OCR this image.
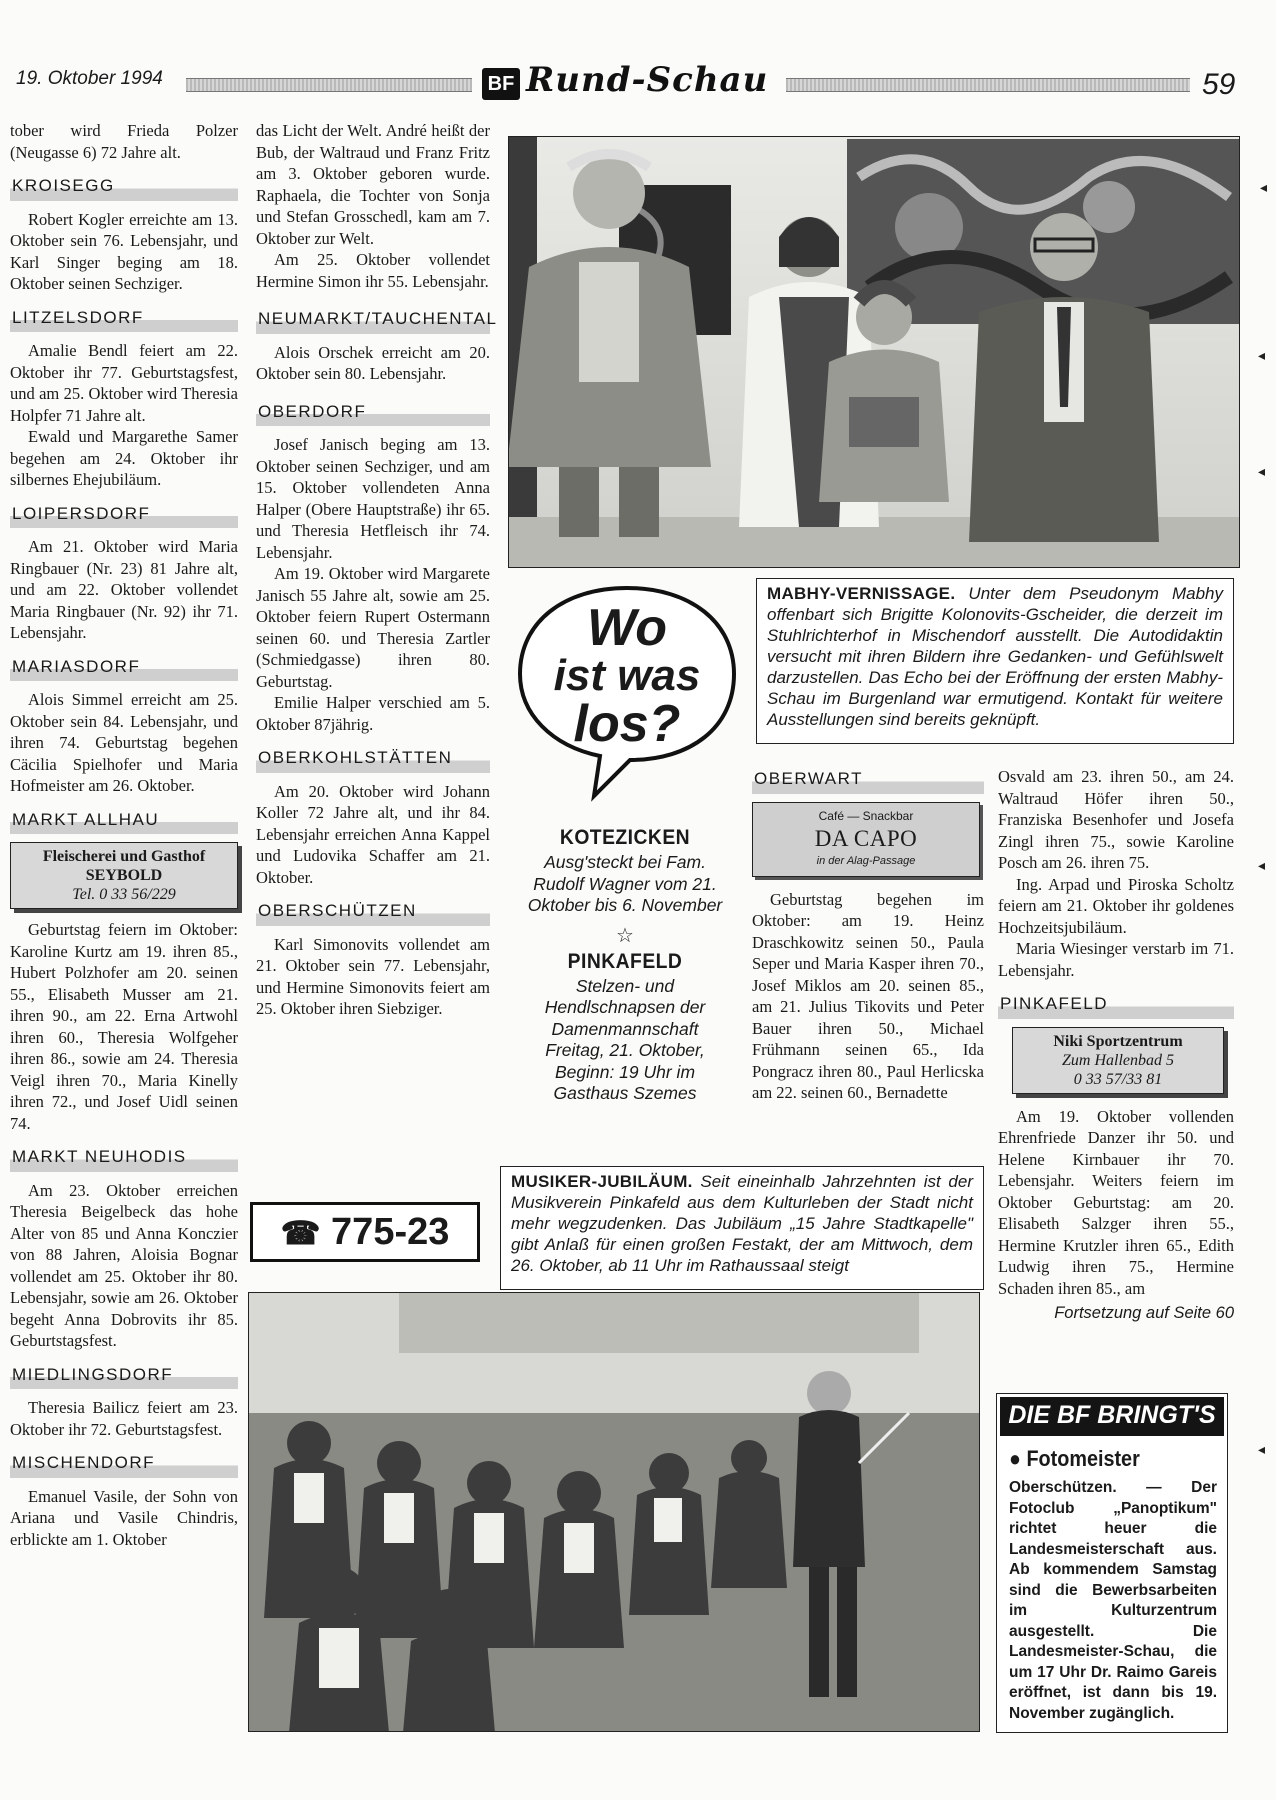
19. Oktober 1994	BF Rund-Schau	59

tober wird Frieda Polzer (Neugasse 6) 72 Jahre alt.

KROISEGG

Robert Kogler erreichte am 13. Oktober sein 76. Lebensjahr, und Karl Singer beging am 18. Oktober seinen Sechziger.

LITZELSDORF

Amalie Bendl feiert am 22. Oktober ihr 77. Geburtstagsfest, und am 25. Oktober wird Theresia Holpfer 71 Jahre alt.

Ewald und Margarethe Samer begehen am 24. Oktober ihr silbernes Ehejubiläum.

LOIPERSDORF

Am 21. Oktober wird Maria Ringbauer (Nr. 23) 81 Jahre alt, und am 22. Oktober vollendet Maria Ringbauer (Nr. 92) ihr 71. Lebensjahr.

MARIASDORF

Alois Simmel erreicht am 25. Oktober sein 84. Lebensjahr, und ihren 74. Geburtstag begehen Cäcilia Spielhofer und Maria Hofmeister am 26. Oktober.

MARKT ALLHAU
Fleischerei und Gasthof SEYBOLD
Tel. 0 33 56/229

Geburtstag feiern im Oktober: Karoline Kurtz am 19. ihren 85., Hubert Polzhofer am 20. seinen 55., Elisabeth Musser am 21. ihren 90., am 22. Erna Artwohl ihren 60., Theresia Wolfgeher ihren 86., sowie am 24. Theresia Veigl ihren 70., Maria Kinelly ihren 72., und Josef Uidl seinen 74.

MARKT NEUHODIS

Am 23. Oktober erreichen Theresia Beigelbeck das hohe Alter von 85 und Anna Konczier von 88 Jahren, Aloisia Bognar vollendet am 25. Oktober ihr 80. Lebensjahr, sowie am 26. Oktober begeht Anna Dobrovits ihr 85. Geburtstagsfest.

MIEDLINGSDORF

Theresia Bailicz feiert am 23. Oktober ihr 72. Geburtstagsfest.

MISCHENDORF

Emanuel Vasile, der Sohn von Ariana und Vasile Chindris, erblickte am 1. Oktober

das Licht der Welt. André heißt der Bub, der Waltraud und Franz Fritz am 3. Oktober geboren wurde. Raphaela, die Tochter von Sonja und Stefan Grosschedl, kam am 7. Oktober zur Welt.

Am 25. Oktober vollendet Hermine Simon ihr 55. Lebensjahr.

NEUMARKT/TAUCHENTAL

Alois Orschek erreicht am 20. Oktober sein 80. Lebensjahr.

OBERDORF

Josef Janisch beging am 13. Oktober seinen Sechziger, und am 15. Oktober vollendeten Anna Halper (Obere Hauptstraße) ihr 65. und Theresia Hetfleisch ihr 74. Lebensjahr.

Am 19. Oktober wird Margarete Janisch 55 Jahre alt, sowie am 25. Oktober feiern Rupert Ostermann seinen 60. und Theresia Zartler (Schmiedgasse) ihren 80. Geburtstag.

Emilie Halper verschied am 5. Oktober 87jährig.

OBERKOHLSTÄTTEN

Am 20. Oktober wird Johann Koller 72 Jahre alt, und ihr 84. Lebensjahr erreichen Anna Kappel und Ludovika Schaffer am 21. Oktober.

OBERSCHÜTZEN

Karl Simonovits vollendet am 21. Oktober sein 77. Lebensjahr, und Hermine Simonovits feiert am 25. Oktober ihren Siebziger.

☎ 775-23
MABHY-VERNISSAGE. Unter dem Pseudonym Mabhy offenbart sich Brigitte Kolonovits-Gscheider, die derzeit im Stuhlrichterhof in Mischendorf ausstellt. Die Autodidaktin versucht mit ihren Bildern ihre Gedanken- und Gefühlswelt darzustellen. Das Echo bei der Eröffnung der ersten Mabhy-Schau im Burgenland war ermutigend. Kontakt für weitere Ausstellungen sind bereits geknüpft.
Wo
ist was
los?
KOTEZICKEN

Ausg'steckt bei Fam. Rudolf Wagner vom 21. Oktober bis 6. November

☆
PINKAFELD

Stelzen- und Hendlschnapsen der Damenmannschaft Freitag, 21. Oktober, Beginn: 19 Uhr im Gasthaus Szemes

OBERWART
Café — Snackbar
DA CAPO
in der Alag-Passage

Geburtstag begehen im Oktober: am 19. Heinz Draschkowitz seinen 50., Paula Seper und Maria Kasper ihren 70., Josef Miklos am 20. seinen 85., am 21. Julius Tikovits und Peter Bauer ihren 50., Michael Frühmann seinen 65., Ida Pongracz ihren 80., Paul Herlicska am 22. seinen 60., Bernadette

Osvald am 23. ihren 50., am 24. Waltraud Höfer ihren 50., Franziska Besenhofer und Josefa Zingl ihren 75., sowie Karoline Posch am 26. ihren 75.

Ing. Arpad und Piroska Scholtz feiern am 21. Oktober ihr goldenes Hochzeitsjubiläum.

Maria Wiesinger verstarb im 71. Lebensjahr.

PINKAFELD
Niki Sportzentrum
Zum Hallenbad 5
0 33 57/33 81

Am 19. Oktober vollenden Ehrenfriede Danzer ihr 50. und Helene Kirnbauer ihr 70. Lebensjahr. Weiters feiern im Oktober Geburtstag: am 20. Elisabeth Salzger ihren 55., Hermine Krutzler ihren 65., Edith Ludwig ihren 75., Hermine Schaden ihren 85., am

Fortsetzung auf Seite 60

MUSIKER-JUBILÄUM. Seit eineinhalb Jahrzehnten ist der Musikverein Pinkafeld aus dem Kulturleben der Stadt nicht mehr wegzudenken. Das Jubiläum „15 Jahre Stadtkapelle" gibt Anlaß für einen großen Festakt, der am Mittwoch, dem 26. Oktober, ab 11 Uhr im Rathaussaal steigt
DIE BF BRINGT'S
● Fotomeister
Oberschützen. — Der Fotoclub „Panoptikum" richtet heuer die Landesmeisterschaft aus. Ab kommendem Samstag sind die Bewerbsarbeiten im Kulturzentrum ausgestellt. Die Landesmeister-Schau, die um 17 Uhr Dr. Raimo Gareis eröffnet, ist dann bis 19. November zugänglich.
◂
◂
◂
◂
◂
